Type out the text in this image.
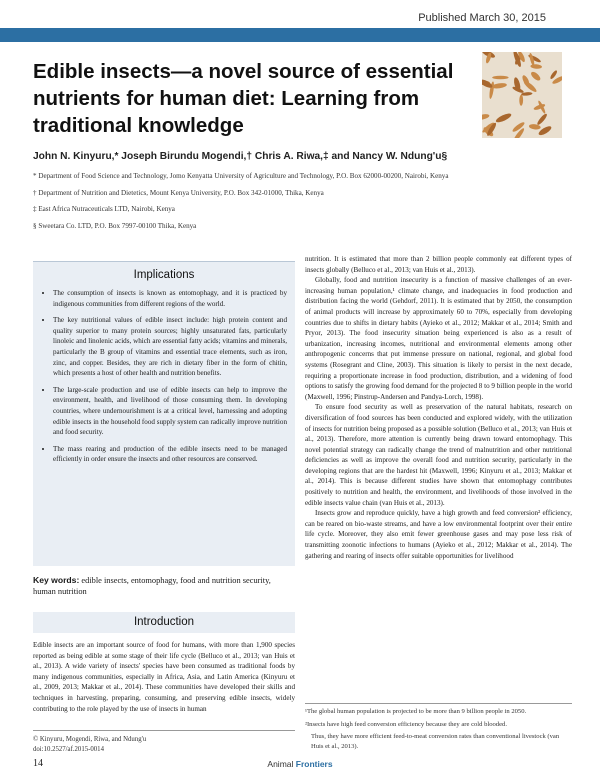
Published March 30, 2015
Edible insects—a novel source of essential nutrients for human diet: Learning from traditional knowledge
John N. Kinyuru,* Joseph Birundu Mogendi,† Chris A. Riwa,‡ and Nancy W. Ndung'u§
* Department of Food Science and Technology, Jomo Kenyatta University of Agriculture and Technology, P.O. Box 62000-00200, Nairobi, Kenya
† Department of Nutrition and Dietetics, Mount Kenya University, P.O. Box 342-01000, Thika, Kenya
‡ East Africa Nutraceuticals LTD, Nairobi, Kenya
§ Sweetara Co. LTD, P.O. Box 7997-00100 Thika, Kenya
Implications
• The consumption of insects is known as entomophagy, and it is practiced by indigenous communities from different regions of the world.
• The key nutritional values of edible insect include: high protein content and quality superior to many protein sources; highly unsaturated fats, particularly linoleic and linolenic acids, which are essential fatty acids; vitamins and minerals, particularly the B group of vitamins and essential trace elements, such as iron, zinc, and copper. Besides, they are rich in dietary fiber in the form of chitin, which presents a host of other health and nutrition benefits.
• The large-scale production and use of edible insects can help to improve the environment, health, and livelihood of those consuming them. In developing countries, where undernourishment is at a critical level, harnessing and adopting edible insects in the household food supply system can radically improve nutrition and food security.
• The mass rearing and production of the edible insects need to be managed efficiently in order ensure the insects and other resources are conserved.
Key words: edible insects, entomophagy, food and nutrition security, human nutrition
Introduction

Edible insects are an important source of food for humans, with more than 1,900 species reported as being edible at some stage of their life cycle (Belluco et al., 2013; van Huis et al., 2013). A wide variety of insects' species have been consumed as traditional foods by many indigenous communities, especially in Africa, Asia, and Latin America (Kinyuru et al., 2009, 2013; Makkar et al., 2014). These communities have developed their skills and techniques in harvesting, preparing, consuming, and preserving edible insects, widely contributing to the role played by the use of insects in human

© Kinyuru, Mogendi, Riwa, and Ndung'u
doi:10.2527/af.2015-0014

nutrition. It is estimated that more than 2 billion people commonly eat different types of insects globally (Belluco et al., 2013; van Huis et al., 2013).

Globally, food and nutrition insecurity is a function of massive challenges of an ever-increasing human population,¹ climate change, and inadequacies in food production and distribution facing the world (Gehdorf, 2011). It is estimated that by 2050, the consumption of animal products will increase by approximately 60 to 70%, especially from developing countries due to shifts in dietary habits (Ayieko et al., 2012; Makkar et al., 2014; Smith and Pryor, 2013). The food insecurity situation being experienced is also as a result of urbanization, increasing incomes, nutritional and environmental elements among other anthropogenic concerns that put immense pressure on national, regional, and global food systems (Rosegrant and Cline, 2003). This situation is likely to persist in the next decade, requiring a proportionate increase in food production, distribution, and a widening of food options to satisfy the growing food demand for the projected 8 to 9 billion people in the world (Maxwell, 1996; Pinstrup-Andersen and Pandya-Lorch, 1998).

To ensure food security as well as preservation of the natural habitats, research on diversification of food sources has been conducted and explored widely, with the utilization of insects for nutrition being proposed as a possible solution (Belluco et al., 2013; van Huis et al., 2013). Therefore, more attention is currently being drawn toward entomophagy. This novel potential strategy can radically change the trend of malnutrition and other nutritional deficiencies as well as improve the overall food and nutrition security, particularly in the developing regions that are the hardest hit (Maxwell, 1996; Kinyuru et al., 2013; Makkar et al., 2014). This is because different studies have shown that entomophagy contributes positively to nutrition and health, the environment, and livelihoods of those involved in the edible insects value chain (van Huis et al., 2013).

Insects grow and reproduce quickly, have a high growth and feed conversion² efficiency, can be reared on bio-waste streams, and have a low environmental footprint over their entire life cycle. Moreover, they also emit fewer greenhouse gases and may pose less risk of transmitting zoonotic infections to humans (Ayieko et al., 2012; Makkar et al., 2014). The gathering and rearing of insects offer suitable opportunities for livelihood

¹The global human population is projected to be more than 9 billion people in 2050.
²Insects have high feed conversion efficiency because they are cold blooded.
Thus, they have more efficient feed-to-meat conversion rates than conventional livestock (van Huis et al., 2013).
14	Animal Frontiers
